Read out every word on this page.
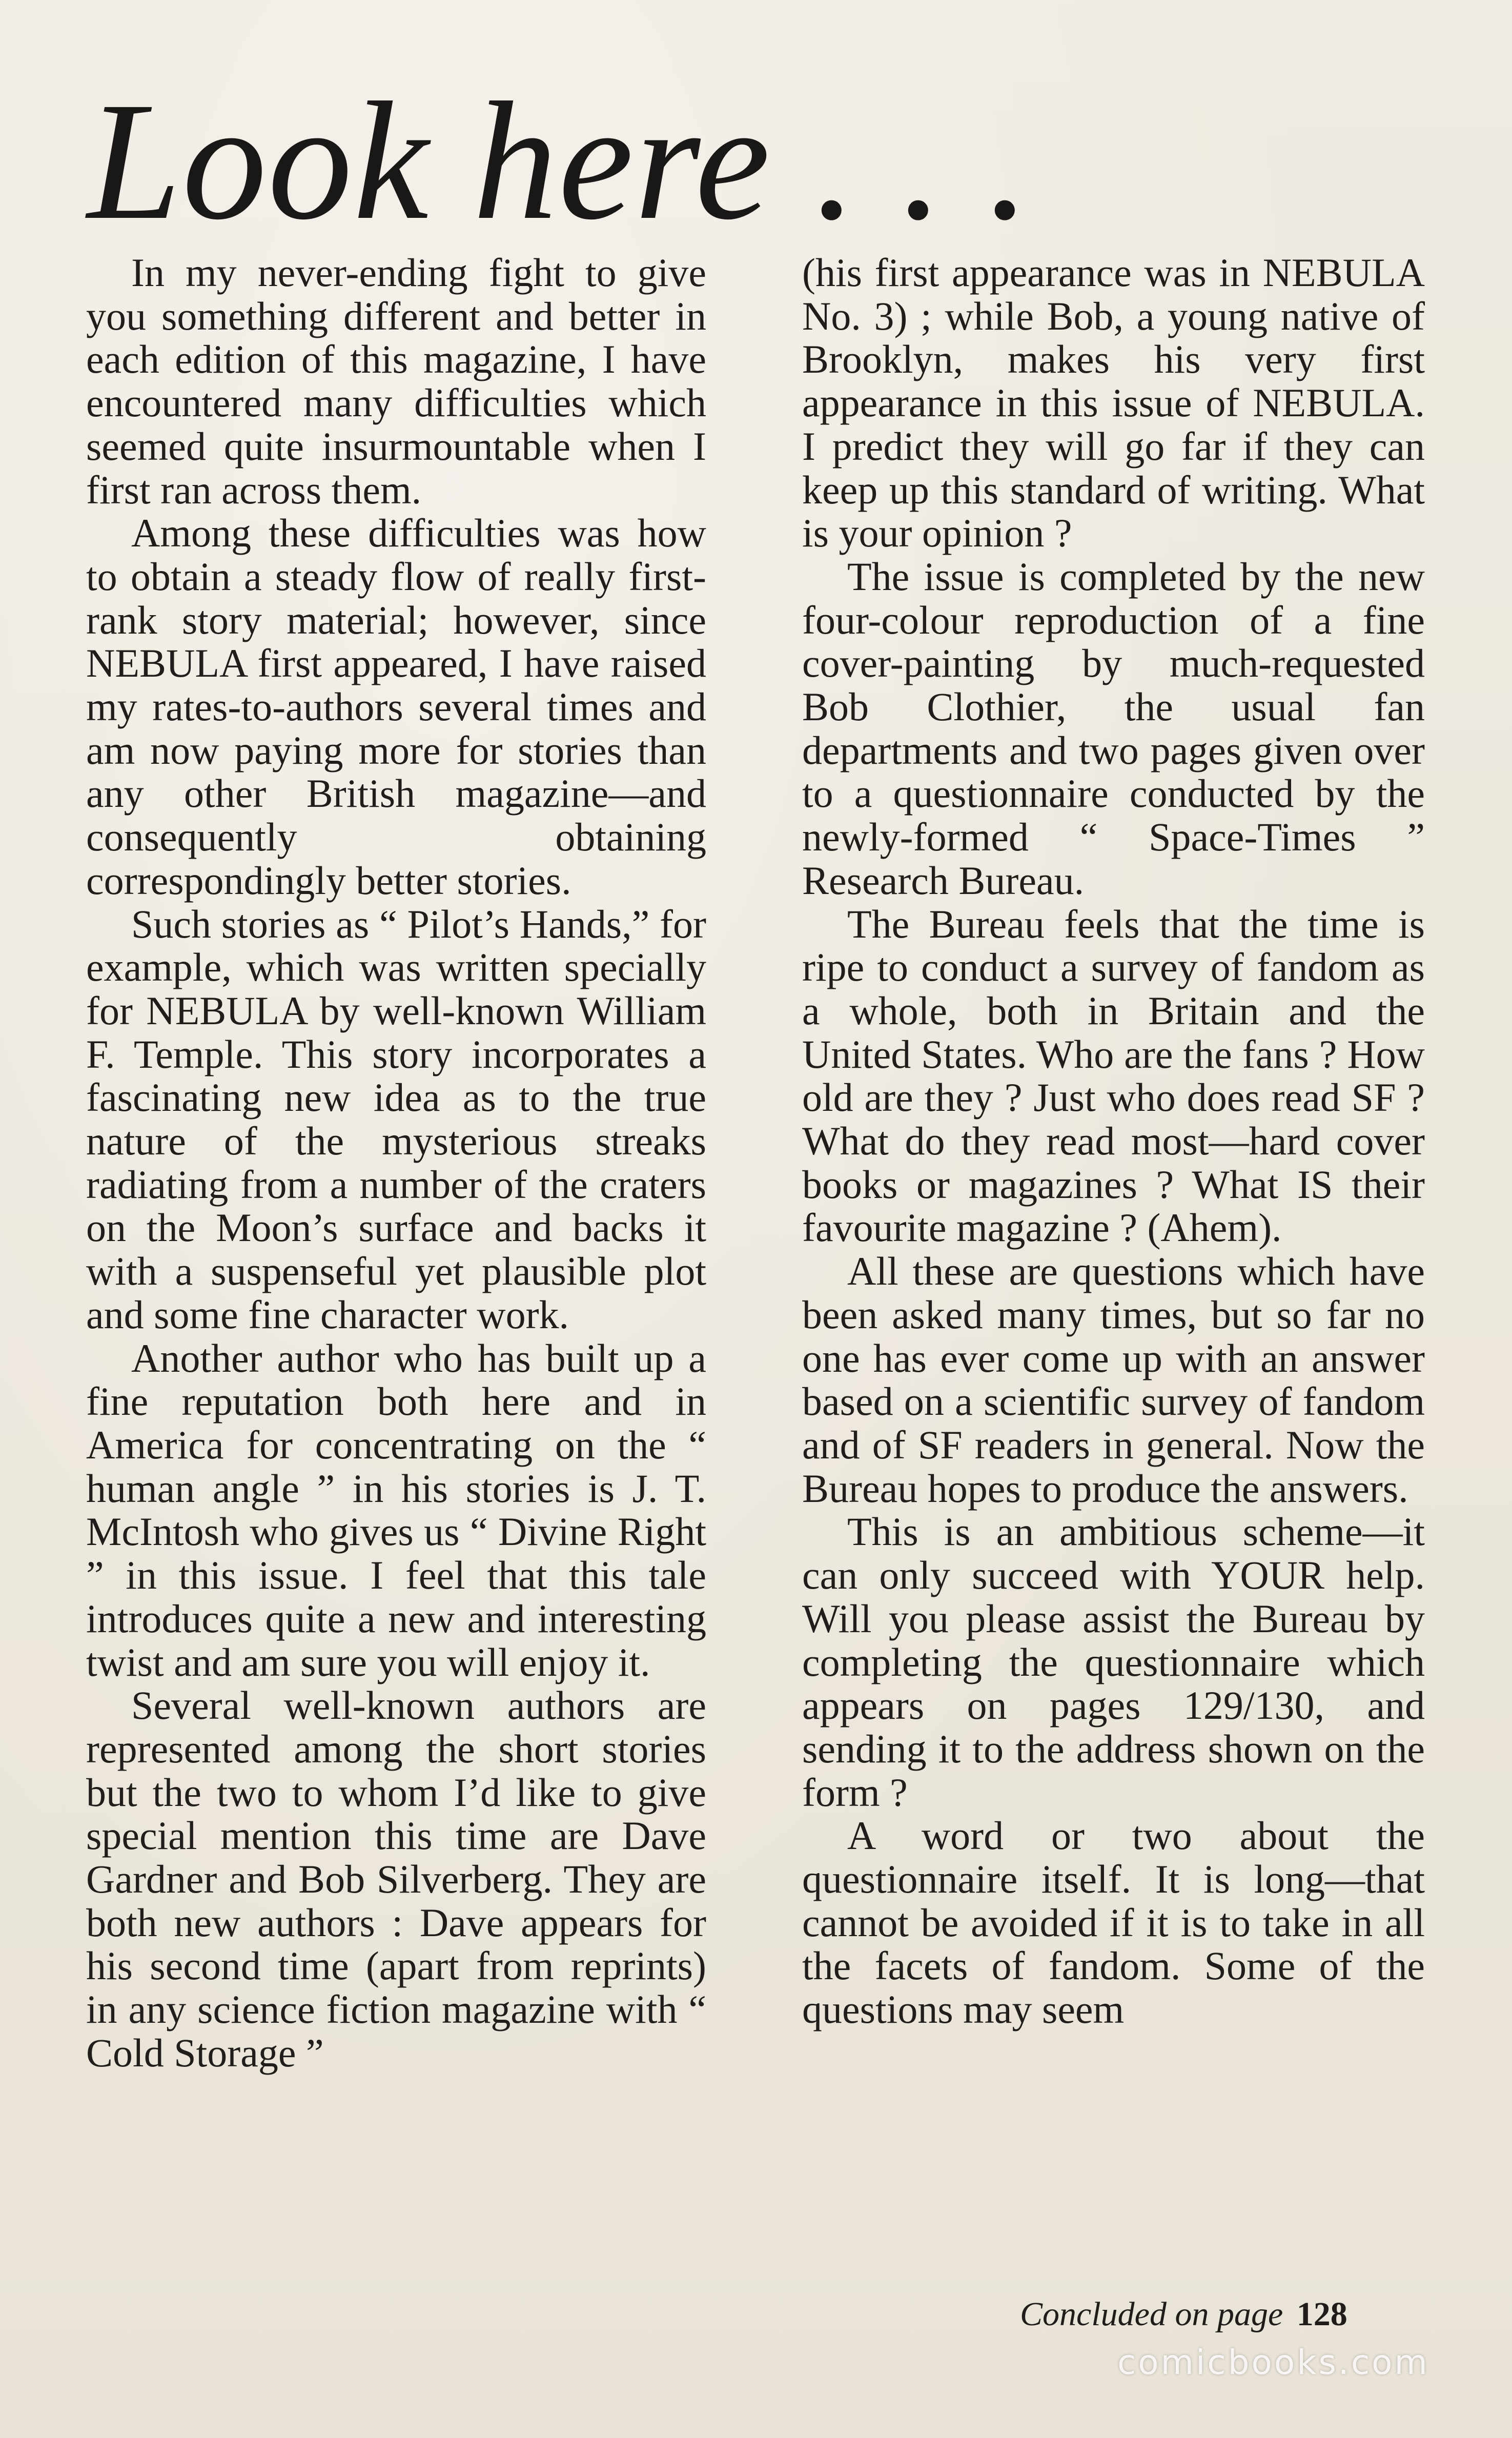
Look here . . .

In my never-ending fight to give you something different and better in each edition of this magazine, I have encountered many difficulties which seemed quite insurmountable when I first ran across them.

Among these difficulties was how to obtain a steady flow of really first-rank story material; however, since NEBULA first appeared, I have raised my rates-to-authors several times and am now paying more for stories than any other British magazine—and consequently obtaining correspondingly better stories.

Such stories as “ Pilot’s Hands,” for example, which was written specially for NEBULA by well-known William F. Temple. This story incorporates a fascinating new idea as to the true nature of the mysterious streaks radiating from a number of the craters on the Moon’s surface and backs it with a suspenseful yet plausible plot and some fine character work.

Another author who has built up a fine reputation both here and in America for concentrating on the “ human angle ” in his stories is J. T. McIntosh who gives us “ Divine Right ” in this issue. I feel that this tale introduces quite a new and interesting twist and am sure you will enjoy it.

Several well-known authors are represented among the short stories but the two to whom I’d like to give special mention this time are Dave Gardner and Bob Silverberg. They are both new authors : Dave appears for his second time (apart from reprints) in any science fiction magazine with “ Cold Storage ”

(his first appearance was in NEBULA No. 3) ; while Bob, a young native of Brooklyn, makes his very first appearance in this issue of NEBULA. I predict they will go far if they can keep up this standard of writing. What is your opinion ?

The issue is completed by the new four-colour reproduction of a fine cover-painting by much-requested Bob Clothier, the usual fan departments and two pages given over to a questionnaire conducted by the newly-formed “ Space-Times ” Research Bureau.

The Bureau feels that the time is ripe to conduct a survey of fandom as a whole, both in Britain and the United States. Who are the fans ? How old are they ? Just who does read SF ? What do they read most—hard cover books or magazines ? What IS their favourite magazine ? (Ahem).

All these are questions which have been asked many times, but so far no one has ever come up with an answer based on a scientific survey of fandom and of SF readers in general. Now the Bureau hopes to produce the answers.

This is an ambitious scheme—it can only succeed with YOUR help. Will you please assist the Bureau by completing the questionnaire which appears on pages 129/130, and sending it to the address shown on the form ?

A word or two about the questionnaire itself. It is long—that cannot be avoided if it is to take in all the facets of fandom. Some of the questions may seem

Concluded on page 128
comicbooks.com
